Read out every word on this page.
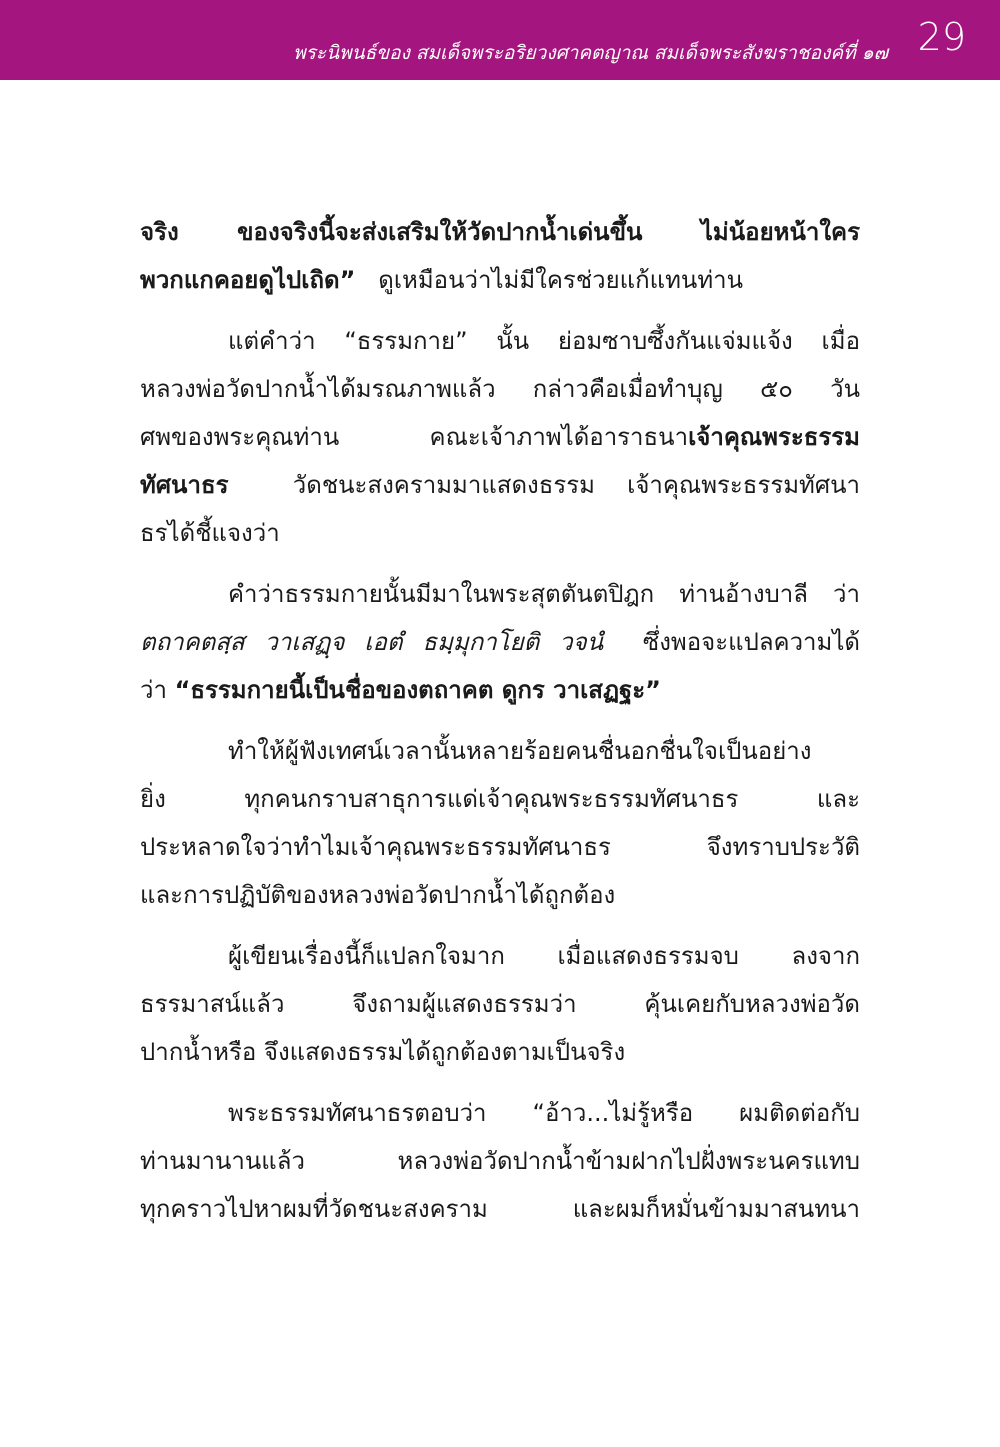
พระนิพนธ์ของ สมเด็จพระอริยวงศาคตญาณ สมเด็จพระสังฆราชองค์ที่ ๑๗ 29
จริง ของจริงนี้จะส่งเสริมให้วัดปากน้ำเด่นขึ้น ไม่น้อยหน้าใคร
พวกแกคอยดูไปเถิด” ดูเหมือนว่าไม่มีใครช่วยแก้แทนท่าน
แต่คำว่า “ธรรมกาย” นั้น ย่อมซาบซึ้งกันแจ่มแจ้ง เมื่อ
หลวงพ่อวัดปากน้ำได้มรณภาพแล้ว กล่าวคือเมื่อทำบุญ ๕๐ วัน
ศพของพระคุณท่าน คณะเจ้าภาพได้อาราธนาเจ้าคุณพระธรรม
ทัศนาธร	วัดชนะสงครามมาแสดงธรรม เจ้าคุณพระธรรมทัศนา
ธรได้ชี้แจงว่า
คำว่าธรรมกายนั้นมีมาในพระสุตตันตปิฎก ท่านอ้างบาลี ว่า
ตถาคตสฺส วาเสฏฺจ เอตํ ธมฺมุกาโยติ วจนํ ซึ่งพอจะแปลความได้
ว่า “ธรรมกายนี้เป็นชื่อของตถาคต ดูกร วาเสฏฐะ”
ทำให้ผู้ฟังเทศน์เวลานั้นหลายร้อยคนชื่นอกชื่นใจเป็นอย่าง
ยิ่ง ทุกคนกราบสาธุการแด่เจ้าคุณพระธรรมทัศนาธร และ
ประหลาดใจว่าทำไมเจ้าคุณพระธรรมทัศนาธร จึงทราบประวัติ
และการปฏิบัติของหลวงพ่อวัดปากน้ำได้ถูกต้อง
ผู้เขียนเรื่องนี้ก็แปลกใจมาก เมื่อแสดงธรรมจบ ลงจาก
ธรรมาสน์แล้ว จึงถามผู้แสดงธรรมว่า คุ้นเคยกับหลวงพ่อวัด
ปากน้ำหรือ จึงแสดงธรรมได้ถูกต้องตามเป็นจริง
พระธรรมทัศนาธรตอบว่า “อ้าว...ไม่รู้หรือ ผมติดต่อกับ
ท่านมานานแล้ว หลวงพ่อวัดปากน้ำข้ามฝากไปฝั่งพระนครแทบ
ทุกคราวไปหาผมที่วัดชนะสงคราม และผมก็หมั่นข้ามมาสนทนา
